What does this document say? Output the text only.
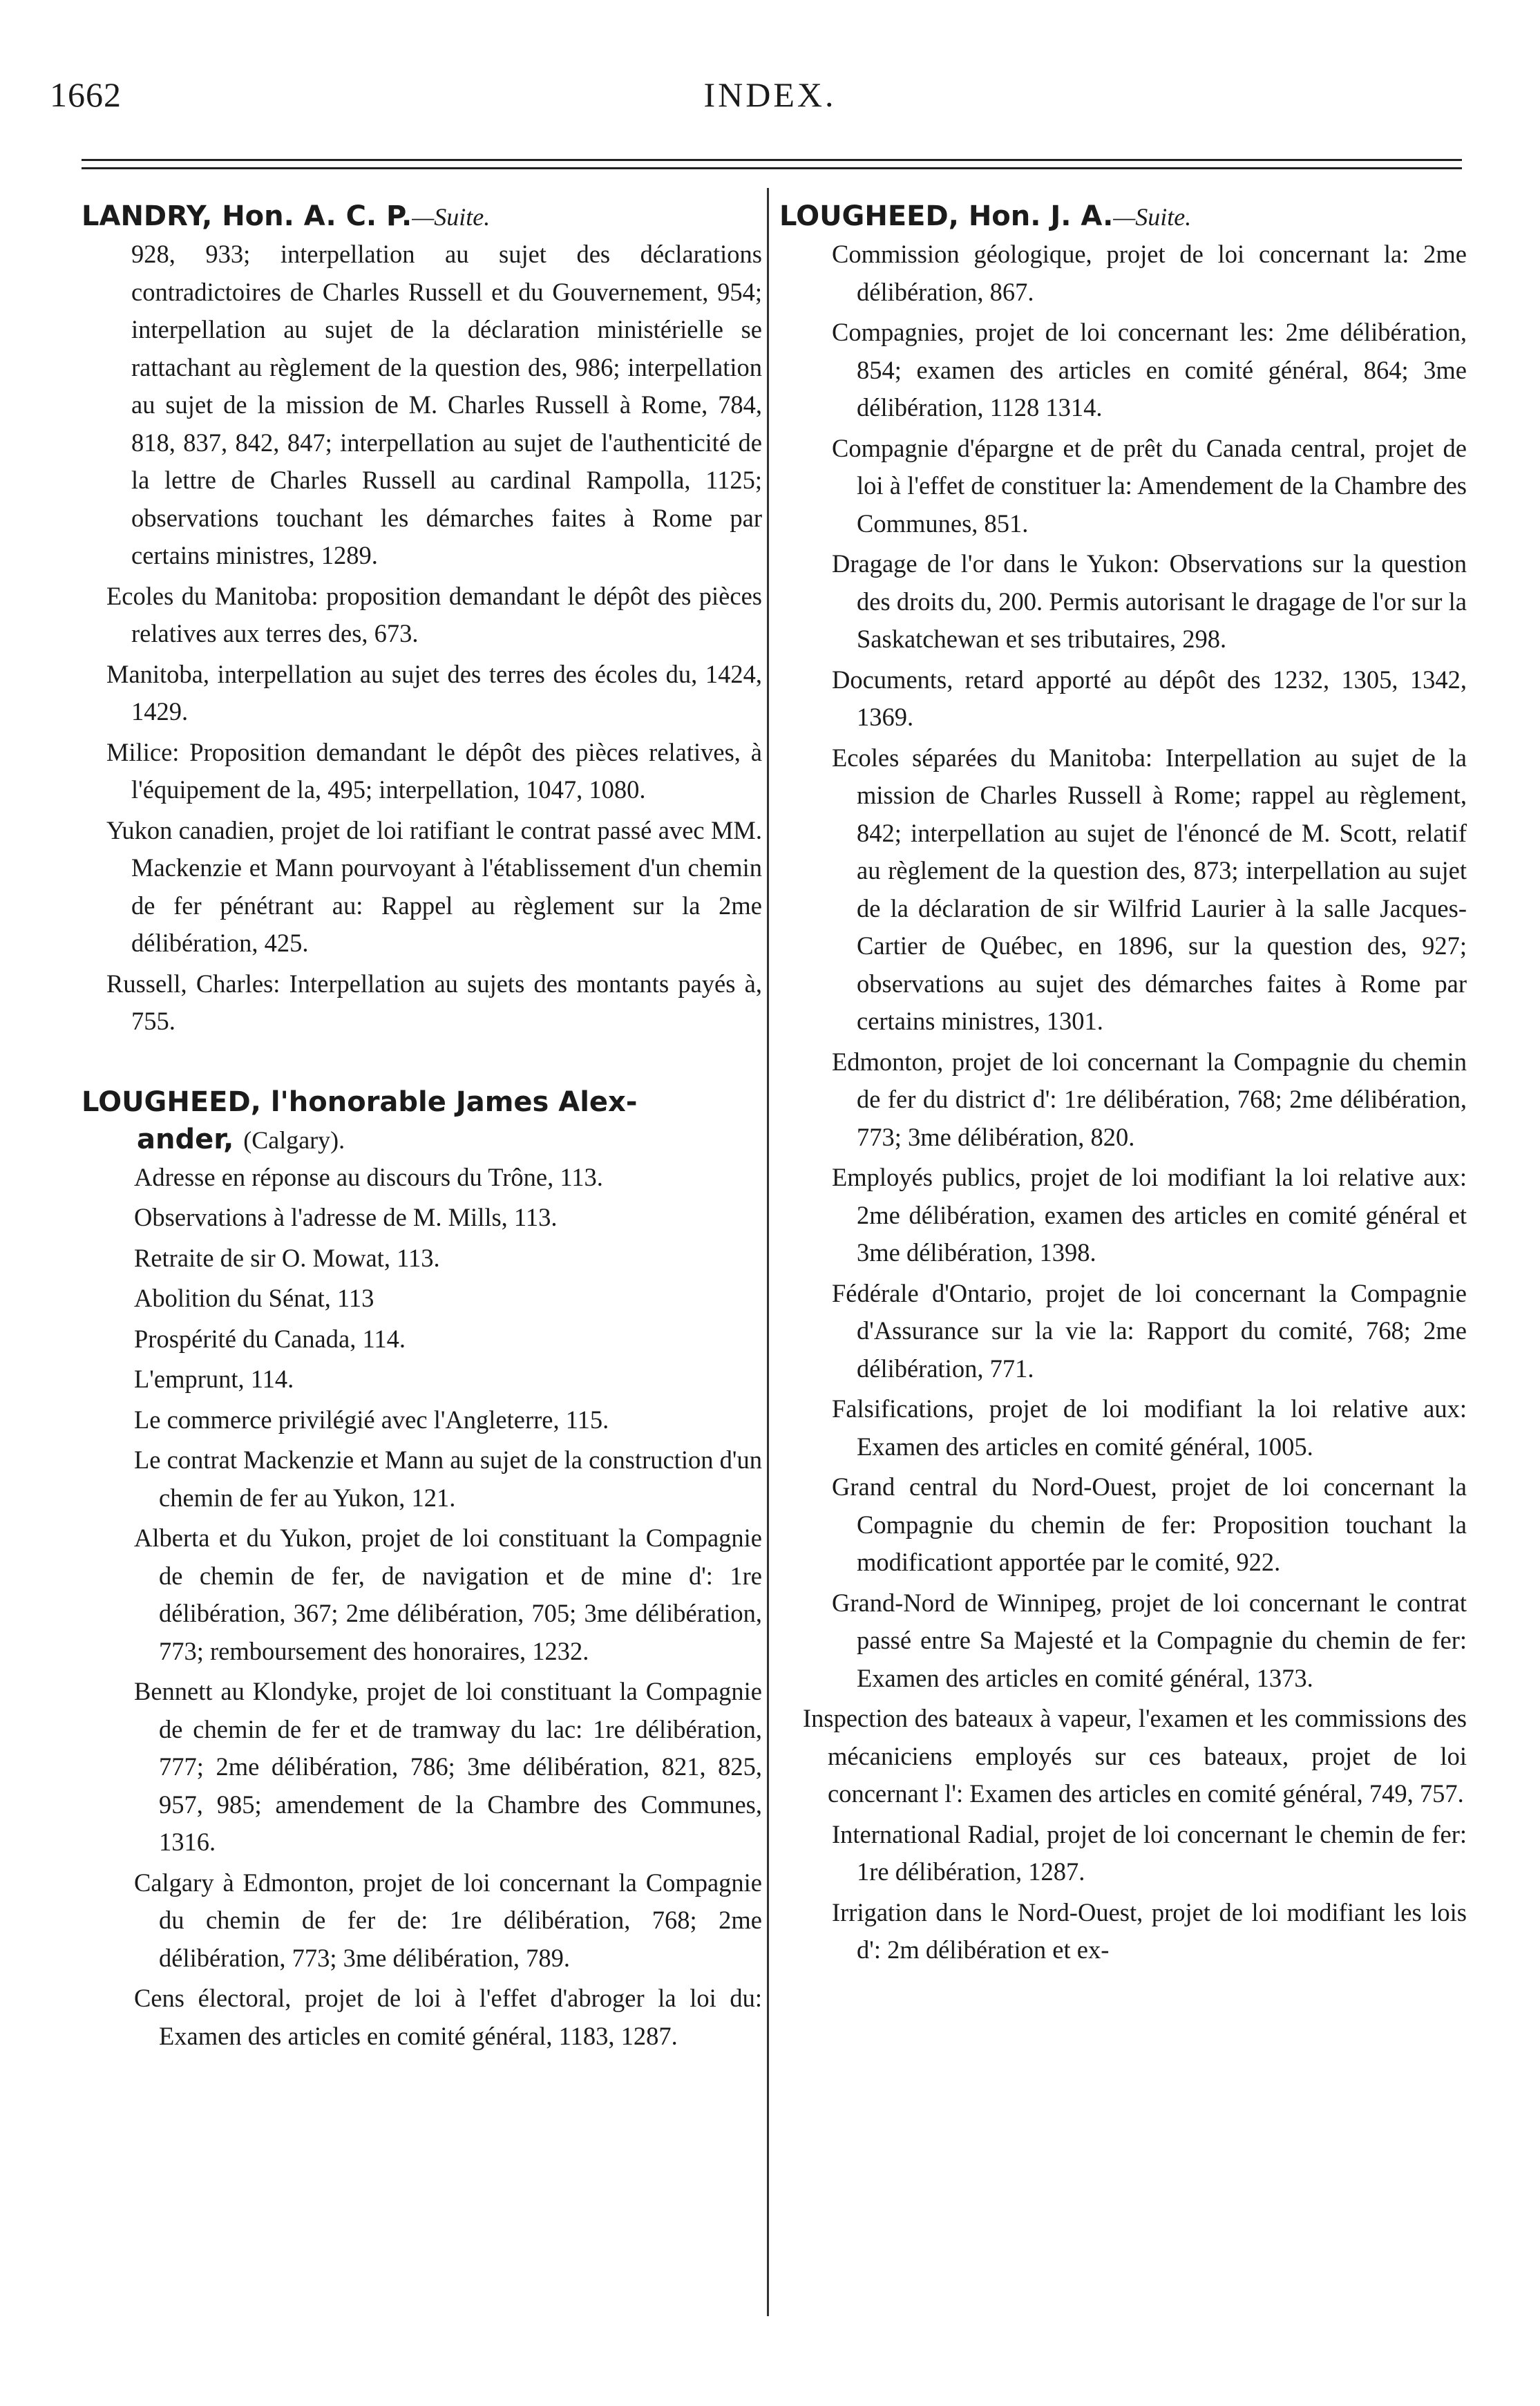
1662	INDEX.

LANDRY, Hon. A. C. P.—Suite.

928, 933; interpellation au sujet des déclarations contradictoires de Charles Russell et du Gouvernement, 954; interpellation au sujet de la déclaration ministérielle se rattachant au règlement de la question des, 986; interpellation au sujet de la mission de M. Charles Russell à Rome, 784, 818, 837, 842, 847; interpellation au sujet de l'authenticité de la lettre de Charles Russell au cardinal Rampolla, 1125; observations touchant les démarches faites à Rome par certains ministres, 1289.

Ecoles du Manitoba: proposition demandant le dépôt des pièces relatives aux terres des, 673.

Manitoba, interpellation au sujet des terres des écoles du, 1424, 1429.

Milice: Proposition demandant le dépôt des pièces relatives, à l'équipement de la, 495; interpellation, 1047, 1080.

Yukon canadien, projet de loi ratifiant le contrat passé avec MM. Mackenzie et Mann pourvoyant à l'établissement d'un chemin de fer pénétrant au: Rappel au règlement sur la 2me délibération, 425.

Russell, Charles: Interpellation au sujets des montants payés à, 755.

LOUGHEED, l'honorable James Alex-
ander, (Calgary).

Adresse en réponse au discours du Trône, 113.

Observations à l'adresse de M. Mills, 113.

Retraite de sir O. Mowat, 113.

Abolition du Sénat, 113

Prospérité du Canada, 114.

L'emprunt, 114.

Le commerce privilégié avec l'Angleterre, 115.

Le contrat Mackenzie et Mann au sujet de la construction d'un chemin de fer au Yukon, 121.

Alberta et du Yukon, projet de loi constituant la Compagnie de chemin de fer, de navigation et de mine d': 1re délibération, 367; 2me délibération, 705; 3me délibération, 773; remboursement des honoraires, 1232.

Bennett au Klondyke, projet de loi constituant la Compagnie de chemin de fer et de tramway du lac: 1re délibération, 777; 2me délibération, 786; 3me délibération, 821, 825, 957, 985; amendement de la Chambre des Communes, 1316.

Calgary à Edmonton, projet de loi concernant la Compagnie du chemin de fer de: 1re délibération, 768; 2me délibération, 773; 3me délibération, 789.

Cens électoral, projet de loi à l'effet d'abroger la loi du: Examen des articles en comité général, 1183, 1287.

LOUGHEED, Hon. J. A.—Suite.

Commission géologique, projet de loi concernant la: 2me délibération, 867.

Compagnies, projet de loi concernant les: 2me délibération, 854; examen des articles en comité général, 864; 3me délibération, 1128 1314.

Compagnie d'épargne et de prêt du Canada central, projet de loi à l'effet de constituer la: Amendement de la Chambre des Communes, 851.

Dragage de l'or dans le Yukon: Observations sur la question des droits du, 200. Permis autorisant le dragage de l'or sur la Saskatchewan et ses tributaires, 298.

Documents, retard apporté au dépôt des 1232, 1305, 1342, 1369.

Ecoles séparées du Manitoba: Interpellation au sujet de la mission de Charles Russell à Rome; rappel au règlement, 842; interpellation au sujet de l'énoncé de M. Scott, relatif au règlement de la question des, 873; interpellation au sujet de la déclaration de sir Wilfrid Laurier à la salle Jacques-Cartier de Québec, en 1896, sur la question des, 927; observations au sujet des démarches faites à Rome par certains ministres, 1301.

Edmonton, projet de loi concernant la Compagnie du chemin de fer du district d': 1re délibération, 768; 2me délibération, 773; 3me délibération, 820.

Employés publics, projet de loi modifiant la loi relative aux: 2me délibération, examen des articles en comité général et 3me délibération, 1398.

Fédérale d'Ontario, projet de loi concernant la Compagnie d'Assurance sur la vie la: Rapport du comité, 768; 2me délibération, 771.

Falsifications, projet de loi modifiant la loi relative aux: Examen des articles en comité général, 1005.

Grand central du Nord-Ouest, projet de loi concernant la Compagnie du chemin de fer: Proposition touchant la modificationt apportée par le comité, 922.

Grand-Nord de Winnipeg, projet de loi concernant le contrat passé entre Sa Majesté et la Compagnie du chemin de fer: Examen des articles en comité général, 1373.

Inspection des bateaux à vapeur, l'examen et les commissions des mécaniciens employés sur ces bateaux, projet de loi concernant l': Examen des articles en comité général, 749, 757.

International Radial, projet de loi concernant le chemin de fer: 1re délibération, 1287.

Irrigation dans le Nord-Ouest, projet de loi modifiant les lois d': 2m délibération et ex-
